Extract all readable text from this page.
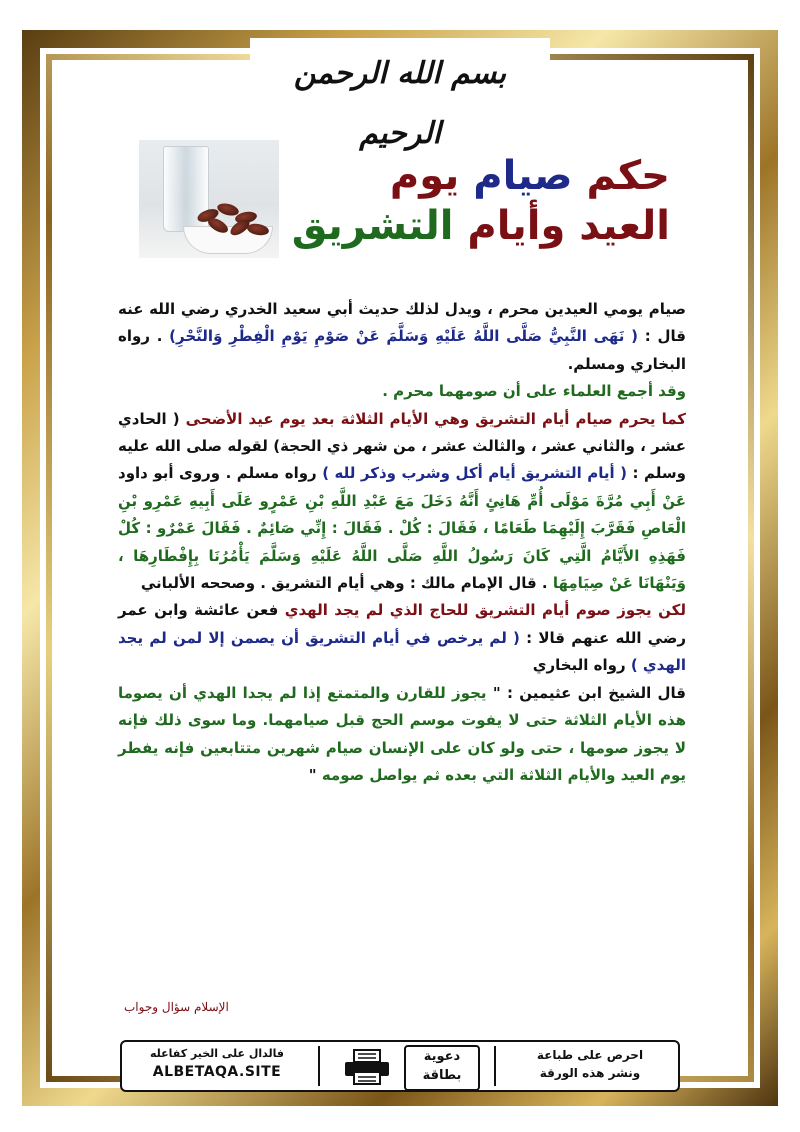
بسم الله الرحمن الرحيم
حكم صيام يوم
العيد وأيام التشريق

صيام يومي العيدين محرم ، ويدل لذلك حديث أبي سعيد الخدري رضي الله عنه قال : ( نَهَى النَّبِيُّ صَلَّى اللَّهُ عَلَيْهِ وَسَلَّمَ عَنْ صَوْمِ يَوْمِ الْفِطْرِ وَالنَّحْرِ) . رواه البخاري ومسلم.

وقد أجمع العلماء على أن صومهما محرم .

كما يحرم صيام أيام التشريق وهي الأيام الثلاثة بعد يوم عيد الأضحى ( الحادي عشر ، والثاني عشر ، والثالث عشر ، من شهر ذي الحجة) لقوله صلى الله عليه وسلم : ( أيام التشريق أيام أكل وشرب وذكر لله ) رواه مسلم . وروى أبو داود عَنْ أَبِي مُرَّةَ مَوْلَى أُمِّ هَانِئٍ أَنَّهُ دَخَلَ مَعَ عَبْدِ اللَّهِ بْنِ عَمْرٍو عَلَى أَبِيهِ عَمْرِو بْنِ الْعَاصِ فَقَرَّبَ إِلَيْهِمَا طَعَامًا ، فَقَالَ : كُلْ . فَقَالَ : إِنِّي صَائِمٌ . فَقَالَ عَمْرٌو : كُلْ فَهَذِهِ الأَيَّامُ الَّتِي كَانَ رَسُولُ اللَّهِ صَلَّى اللَّهُ عَلَيْهِ وَسَلَّمَ يَأْمُرُنَا بِإِفْطَارِهَا ، وَيَنْهَانَا عَنْ صِيَامِهَا . قال الإمام مالك : وهي أيام التشريق . وصححه الألباني

لكن يجوز صوم أيام التشريق للحاج الذي لم يجد الهدي فعن عائشة وابن عمر رضي الله عنهم قالا : ( لم يرخص في أيام التشريق أن يصمن إلا لمن لم يجد الهدي ) رواه البخاري

قال الشيخ ابن عثيمين : " يجوز للقارن والمتمتع إذا لم يجدا الهدي أن يصوما هذه الأيام الثلاثة حتى لا يفوت موسم الحج قبل صيامهما. وما سوى ذلك فإنه لا يجوز صومها ، حتى ولو كان على الإنسان صيام شهرين متتابعين فإنه يفطر يوم العيد والأيام الثلاثة التي بعده ثم يواصل صومه "

الإسلام سؤال وجواب
احرص على طباعة
ونشر هذه الورقة
دعوية
بطاقة
فالدال على الخير كفاعله
ALBETAQA.SITE
